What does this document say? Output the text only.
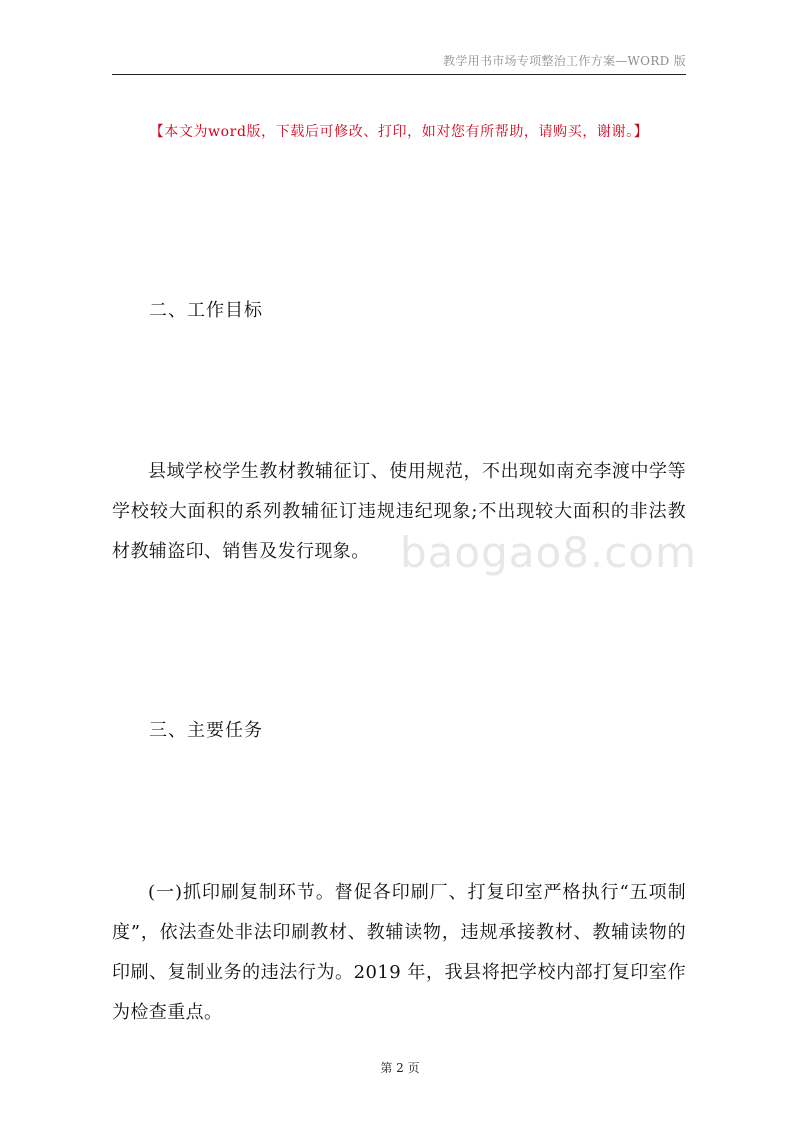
教学用书市场专项整治工作方案—WORD 版
【本文为word版，下载后可修改、打印，如对您有所帮助，请购买，谢谢。】
二、工作目标
县域学校学生教材教辅征订、使用规范，不出现如南充李渡中学等学校较大面积的系列教辅征订违规违纪现象;不出现较大面积的非法教材教辅盗印、销售及发行现象。 baogao8.com
三、主要任务
(一)抓印刷复制环节。督促各印刷厂、打复印室严格执行“五项制度”，依法查处非法印刷教材、教辅读物，违规承接教材、教辅读物的印刷、复制业务的违法行为。2019 年，我县将把学校内部打复印室作为检查重点。
第 2 页
